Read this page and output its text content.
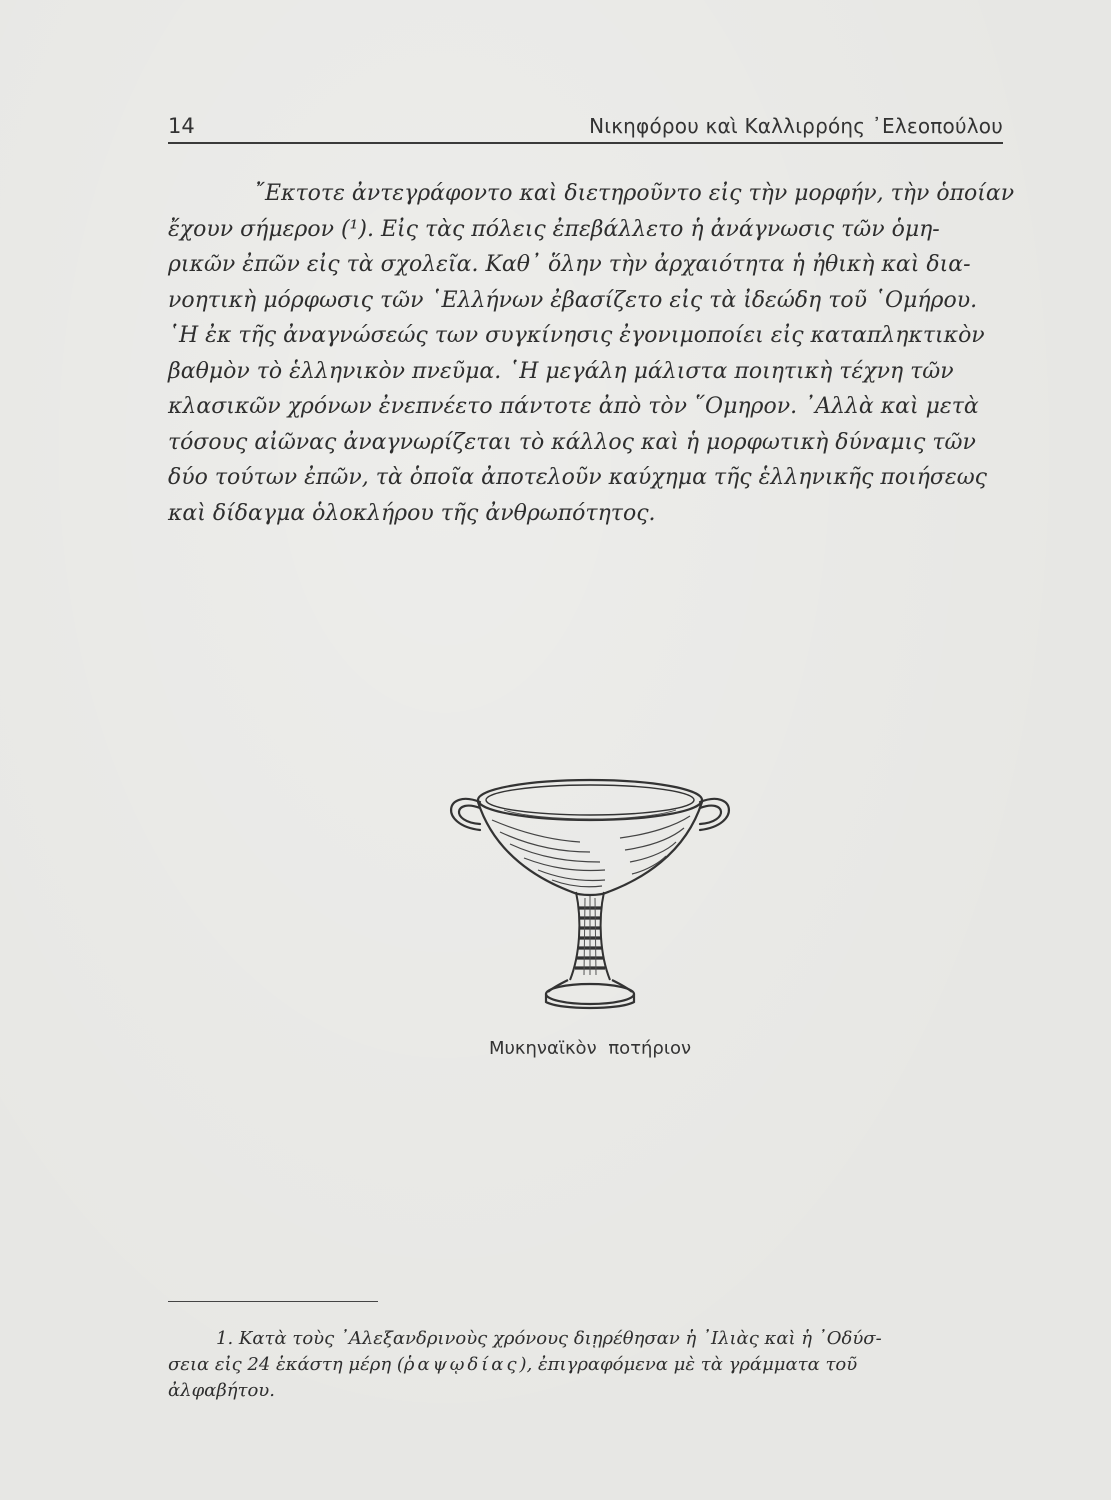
14	Νικηφόρου καὶ Καλλιρρόης ᾿Ελεοπούλου
῎Εκτοτε ἀντεγράφοντο καὶ διετηροῦντο εἰς τὴν μορφήν, τὴν ὁποίαν
ἔχουν σήμερον (¹). Εἰς τὰς πόλεις ἐπεβάλλετο ἡ ἀνάγνωσις τῶν ὁμη-
ρικῶν ἐπῶν εἰς τὰ σχολεῖα. Καθ᾿ ὅλην τὴν ἀρχαιότητα ἡ ἠθικὴ καὶ δια-
νοητικὴ μόρφωσις τῶν ῾Ελλήνων ἐβασίζετο εἰς τὰ ἰδεώδη τοῦ ῾Ομήρου.
῾Η ἐκ τῆς ἀναγνώσεώς των συγκίνησις ἐγονιμοποίει εἰς καταπληκτικὸν
βαθμὸν τὸ ἑλληνικὸν πνεῦμα. ῾Η μεγάλη μάλιστα ποιητικὴ τέχνη τῶν
κλασικῶν χρόνων ἐνεπνέετο πάντοτε ἀπὸ τὸν ῞Ομηρον. ᾿Αλλὰ καὶ μετὰ
τόσους αἰῶνας ἀναγνωρίζεται τὸ κάλλος καὶ ἡ μορφωτικὴ δύναμις τῶν
δύο τούτων ἐπῶν, τὰ ὁποῖα ἀποτελοῦν καύχημα τῆς ἑλληνικῆς ποιήσεως
καὶ δίδαγμα ὁλοκλήρου τῆς ἀνθρωπότητος.
Μυκηναϊκὸν ποτήριον
1. Κατὰ τοὺς ᾿Αλεξανδρινοὺς χρόνους διῃρέθησαν ἡ ᾿Ιλιὰς καὶ ἡ ᾿Οδύσ-
σεια εἰς 24 ἑκάστη μέρη (ῥαψῳδίας), ἐπιγραφόμενα μὲ τὰ γράμματα τοῦ
ἀλφαβήτου.
